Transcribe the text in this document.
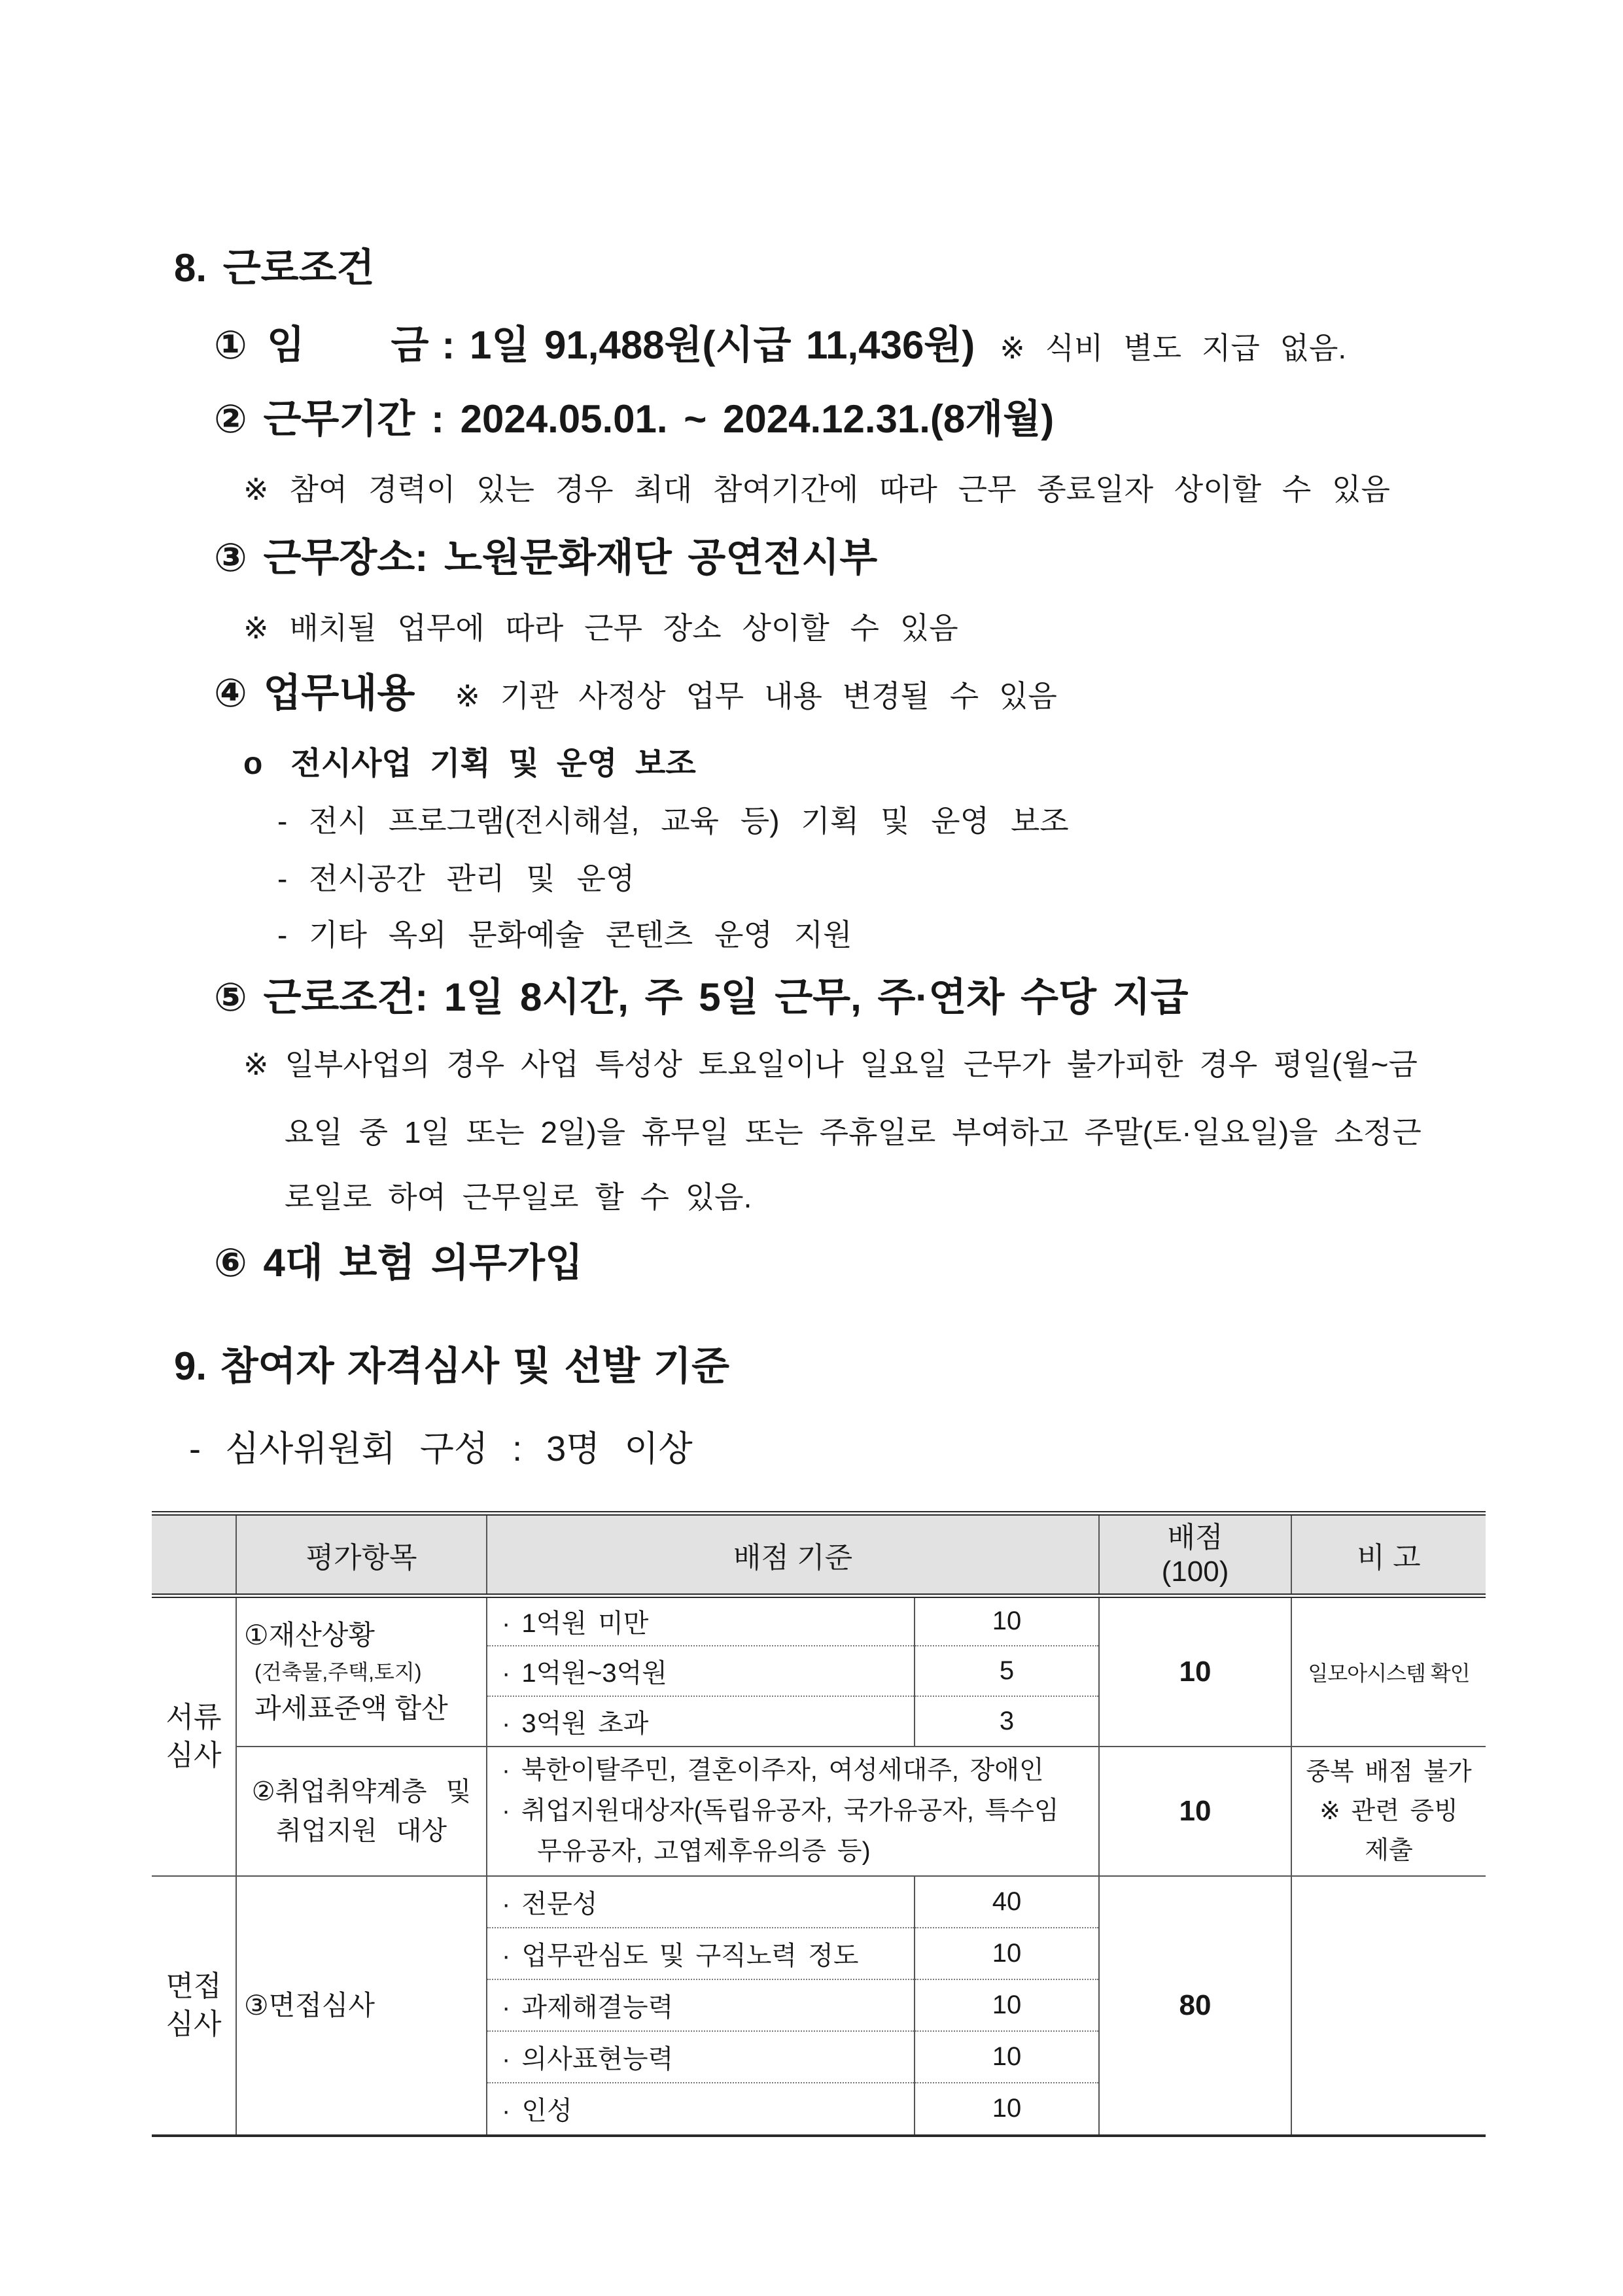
8. 근로조건
① 임 금 : 1일 91,488원(시급 11,436원) ※ 식비 별도 지급 없음.
② 근무기간 : 2024.05.01. ~ 2024.12.31.(8개월)
※ 참여 경력이 있는 경우 최대 참여기간에 따라 근무 종료일자 상이할 수 있음
③ 근무장소: 노원문화재단 공연전시부
※ 배치될 업무에 따라 근무 장소 상이할 수 있음
④ 업무내용 ※ 기관 사정상 업무 내용 변경될 수 있음
o 전시사업 기획 및 운영 보조
- 전시 프로그램(전시해설, 교육 등) 기획 및 운영 보조
- 전시공간 관리 및 운영
- 기타 옥외 문화예술 콘텐츠 운영 지원
⑤ 근로조건: 1일 8시간, 주 5일 근무, 주·연차 수당 지급
※ 일부사업의 경우 사업 특성상 토요일이나 일요일 근무가 불가피한 경우 평일(월~금
요일 중 1일 또는 2일)을 휴무일 또는 주휴일로 부여하고 주말(토·일요일)을 소정근
로일로 하여 근무일로 할 수 있음.
⑥ 4대 보험 의무가입
9. 참여자 자격심사 및 선발 기준
- 심사위원회 구성 : 3명 이상
	평가항목	배점 기준		배점
(100)	비 고

서류
심사	①재산상황
(건축물,주택,토지)
과세표준액 합산	· 1억원 미만	10	10	일모아시스템 확인
		· 1억원~3억원	5		
		· 3억원 초과	3		

	②취업취약계층 및
취업지원 대상	· 북한이탈주민, 결혼이주자, 여성세대주, 장애인
· 취업지원대상자(독립유공자, 국가유공자, 특수임
무유공자, 고엽제후유의증 등)		10	중복 배점 불가
※ 관련 증빙
제출

면접
심사	③면접심사	· 전문성	40	80	
		· 업무관심도 및 구직노력 정도	10		
		· 과제해결능력	10		
		· 의사표현능력	10		
		· 인성	10		
